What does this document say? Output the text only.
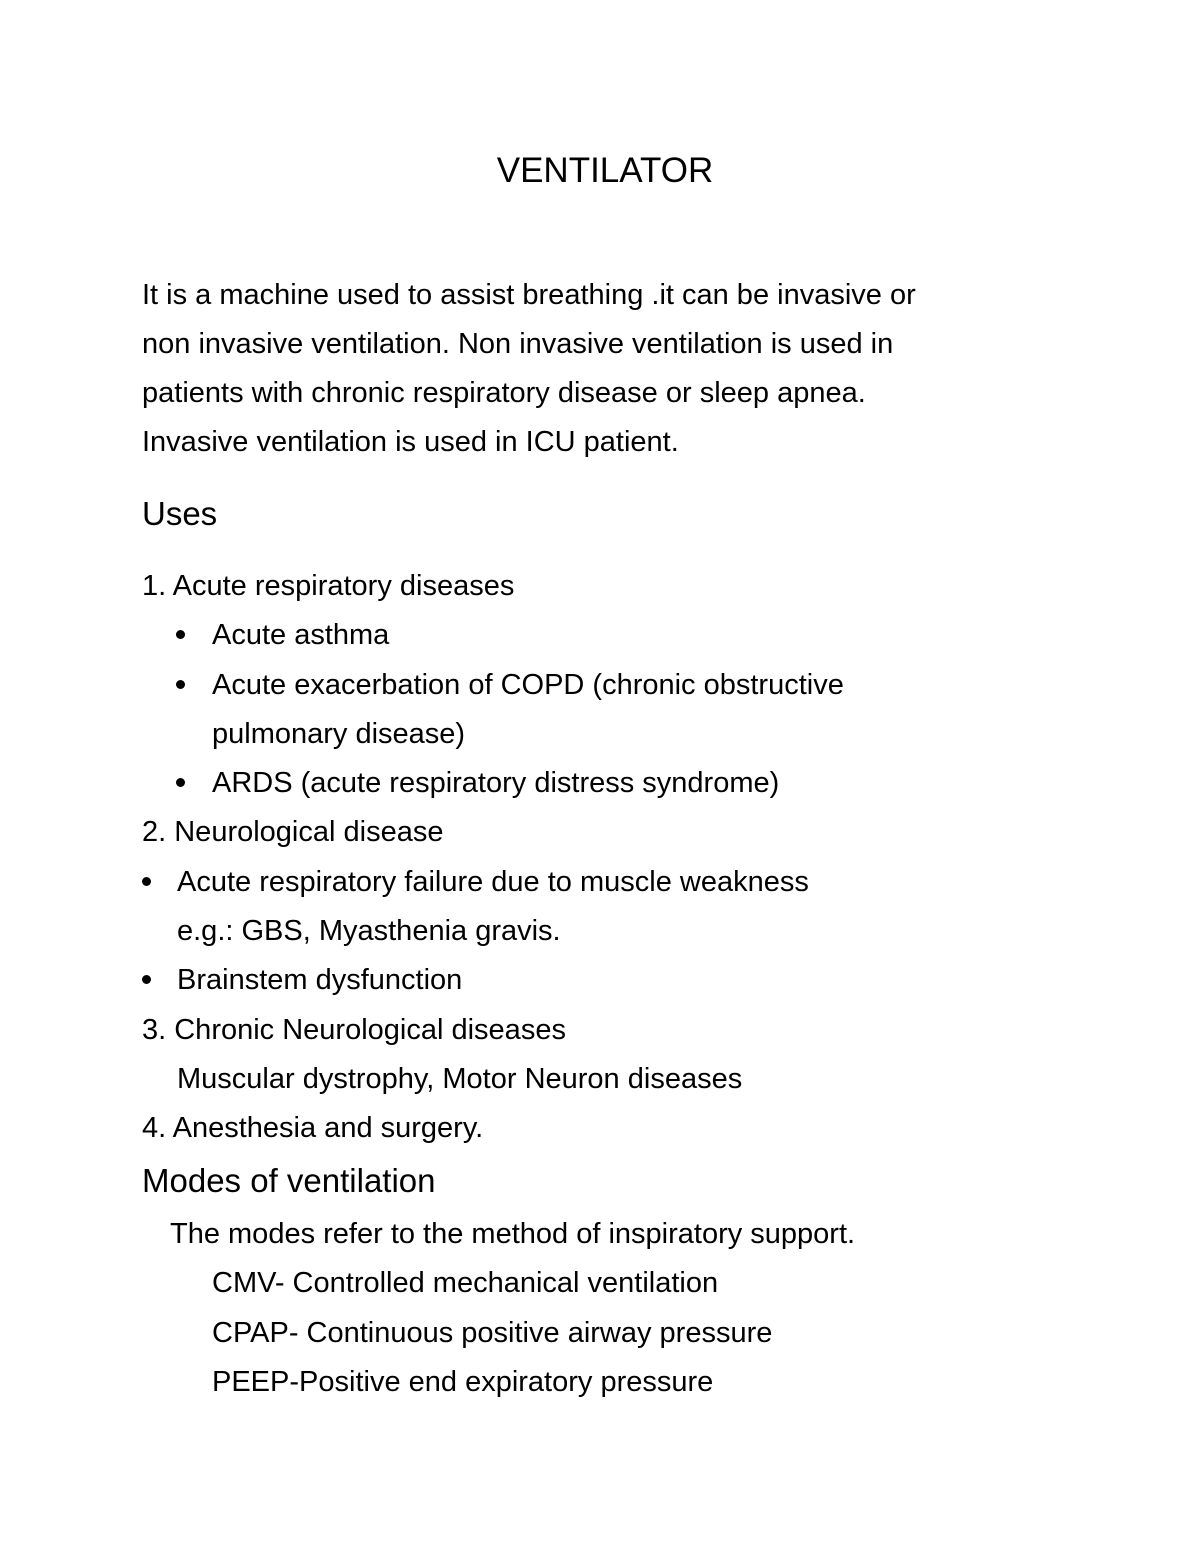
VENTILATOR
It is a machine used to assist breathing .it can be invasive or
non invasive ventilation. Non invasive ventilation is used in
patients with chronic respiratory disease or sleep apnea.
Invasive ventilation is used in ICU patient.
Uses
1. Acute respiratory diseases
Acute asthma
Acute exacerbation of COPD (chronic obstructive
pulmonary disease)
ARDS (acute respiratory distress syndrome)
2. Neurological disease
Acute respiratory failure due to muscle weakness
e.g.: GBS, Myasthenia gravis.
Brainstem dysfunction
3. Chronic Neurological diseases
Muscular dystrophy, Motor Neuron diseases
4. Anesthesia and surgery.
Modes of ventilation
The modes refer to the method of inspiratory support.
CMV- Controlled mechanical ventilation
CPAP- Continuous positive airway pressure
PEEP-Positive end expiratory pressure
